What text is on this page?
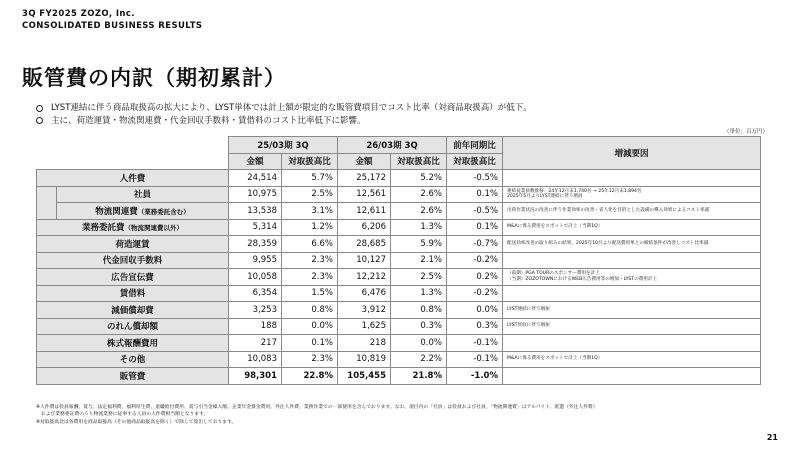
3Q FY2025 ZOZO, Inc.
CONSOLIDATED BUSINESS RESULTS
販管費の内訳（期初累計）
LYST連結に伴う商品取扱高の拡大により、LYST単体では計上額が限定的な販管費項目でコスト比率（対商品取扱高）が低下。
主に、荷造運賃・物流関連費・代金回収手数料・賃借料のコスト比率低下に影響。
（単位：百万円）
		25/03期 3Q		26/03期 3Q		前年同期比	増減要因
		金額	対取扱高比	金額	対取扱高比	対取扱高比	
人件費		24,514	5.7%	25,172	5.2%	-0.5%	
	社員	10,975	2.5%	12,561	2.6%	0.1%	連結従業員数推移：24年12月末1,740名 → 25年12月末1,894名
2025年5月よりLYST連結に伴う増員
	物流関連費（業務委託含む）	13,538	3.1%	12,611	2.6%	-0.5%	出荷作業状況の改善に伴う作業効率の改善・省人化を目的とした設備の導入効果によるコスト率減
業務委託費（物流関連費以外）		5,314	1.2%	6,206	1.3%	0.1%	M&Aに係る費用をスポットで計上（当期1Q）
荷造運賃		28,359	6.6%	28,685	5.9%	-0.7%	配送効率改善の取り組みの結果、2025年10月より配送費用単との締結条件が改善しコスト比率減
代金回収手数料		9,955	2.3%	10,127	2.1%	-0.2%	
広告宣伝費		10,058	2.3%	12,212	2.5%	0.2%	（前期）PGA TOURのスポンサー費用を計上
（当期）ZOZOTOWNにおけるWEB広告費用等の増加・LYSTの費用計上
賃借料		6,354	1.5%	6,476	1.3%	-0.2%	
減価償却費		3,253	0.8%	3,912	0.8%	0.0%	LYST連結に伴う増加
のれん償却額		188	0.0%	1,625	0.3%	0.3%	LYST買収に伴う増加
株式報酬費用		217	0.1%	218	0.0%	-0.1%	
その他		10,083	2.3%	10,819	2.2%	-0.1%	M&Aに係る費用をスポットで計上（当期1Q）
販管費		98,301	22.8%	105,455	21.8%	-1.0%	
※人件費は役員報酬、賞与、法定福利費、福利厚生費、退職給付費用、賞与引当金繰入額、企業年金掛金費用、外注人件費、業務作業での一部使用を含んでおります。なお、項目内の「社員」は役員および社員、「物流関連費」はアルバイト、派遣（外注人件費）
　および業務委託費のうち物流業務に従事する人員の人件費相当額となります。
※対取扱高比は各費用を商品取扱高（その他商品取扱高を除く）で除して算出しております。
21
